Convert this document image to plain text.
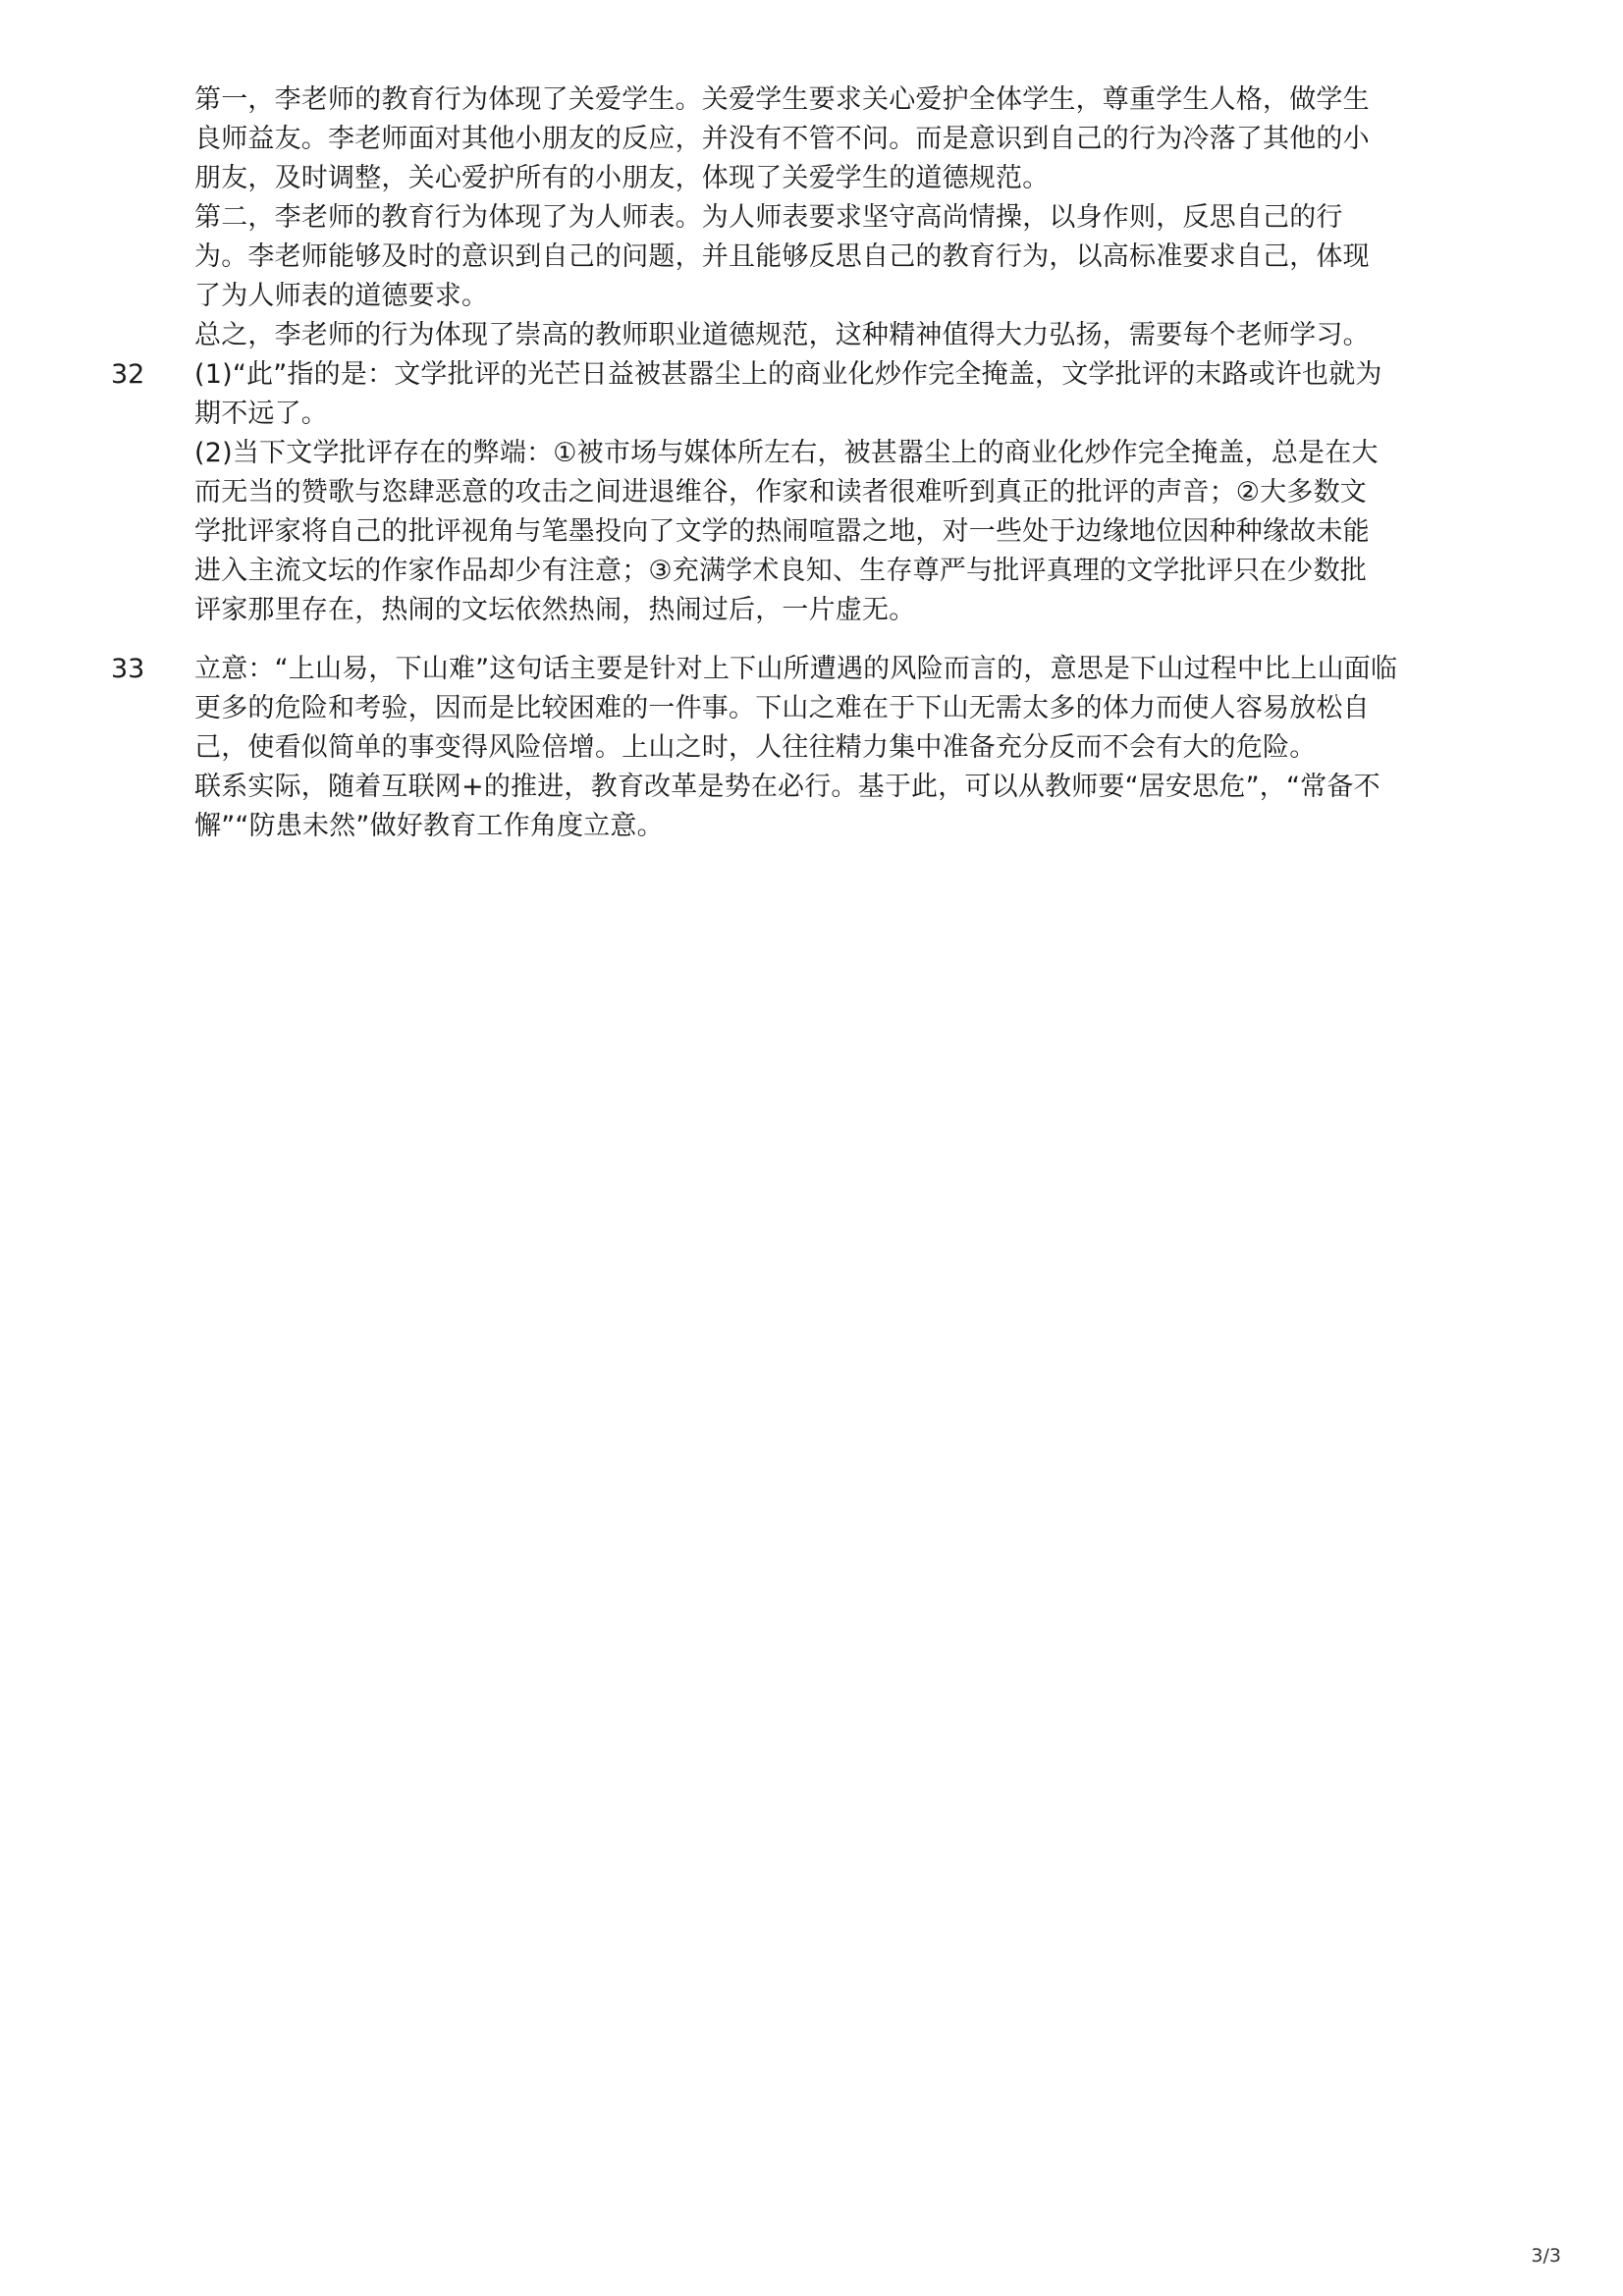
第一，李老师的教育行为体现了关爱学生。关爱学生要求关心爱护全体学生，尊重学生人格，做学生
良师益友。李老师面对其他小朋友的反应，并没有不管不问。而是意识到自己的行为冷落了其他的小
朋友，及时调整，关心爱护所有的小朋友，体现了关爱学生的道德规范。
第二，李老师的教育行为体现了为人师表。为人师表要求坚守高尚情操，以身作则，反思自己的行
为。李老师能够及时的意识到自己的问题，并且能够反思自己的教育行为，以高标准要求自己，体现
了为人师表的道德要求。
总之，李老师的行为体现了崇高的教师职业道德规范，这种精神值得大力弘扬，需要每个老师学习。
32 (1)“此”指的是：文学批评的光芒日益被甚嚣尘上的商业化炒作完全掩盖，文学批评的末路或许也就为
期不远了。
(2)当下文学批评存在的弊端：①被市场与媒体所左右，被甚嚣尘上的商业化炒作完全掩盖，总是在大
而无当的赞歌与恣肆恶意的攻击之间进退维谷，作家和读者很难听到真正的批评的声音；②大多数文
学批评家将自己的批评视角与笔墨投向了文学的热闹喧嚣之地，对一些处于边缘地位因种种缘故未能
进入主流文坛的作家作品却少有注意；③充满学术良知、生存尊严与批评真理的文学批评只在少数批
评家那里存在，热闹的文坛依然热闹，热闹过后，一片虚无。
33 立意：“上山易，下山难”这句话主要是针对上下山所遭遇的风险而言的，意思是下山过程中比上山面临
更多的危险和考验，因而是比较困难的一件事。下山之难在于下山无需太多的体力而使人容易放松自
己，使看似简单的事变得风险倍增。上山之时，人往往精力集中准备充分反而不会有大的危险。
联系实际，随着互联网+的推进，教育改革是势在必行。基于此，可以从教师要“居安思危”，“常备不
懈”“防患未然”做好教育工作角度立意。
3/3
